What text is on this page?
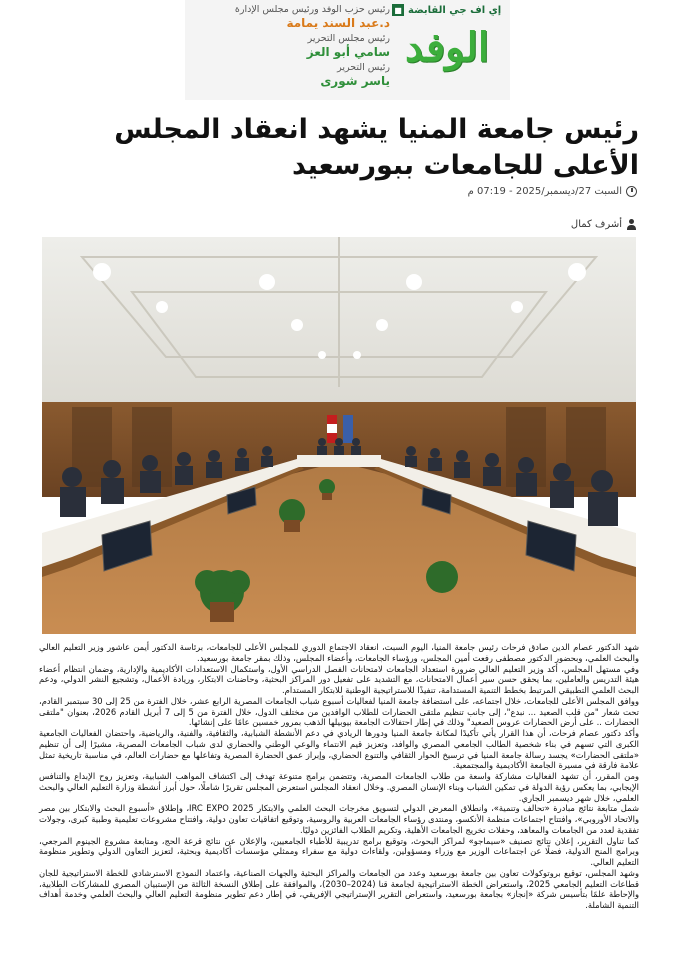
إي اف جي القابضة
■
الوفد
رئيس حزب الوفد ورئيس مجلس الإدارة
د.عبد السند يمامة
رئيس مجلس التحرير
سامي أبو العز
رئيس التحرير
ياسر شورى
رئيس جامعة المنيا يشهد انعقاد المجلس الأعلى للجامعات ببورسعيد
السبت 27/ديسمبر/2025 - 07:19 م
أشرف كمال

شهد الدكتور عصام الدين صادق فرحات رئيس جامعة المنيا، اليوم السبت، انعقاد الاجتماع الدوري للمجلس الأعلى للجامعات، برئاسة الدكتور أيمن عاشور وزير التعليم العالي والبحث العلمي، وبحضور الدكتور مصطفى رفعت أمين المجلس، ورؤساء الجامعات، وأعضاء المجلس، وذلك بمقر جامعة بورسعيد.

وفي مستهل المجلس، أكد وزير التعليم العالي ضرورة استعداد الجامعات لامتحانات الفصل الدراسي الأول، واستكمال الاستعدادات الأكاديمية والإدارية، وضمان انتظام أعضاء هيئة التدريس والعاملين، بما يحقق حسن سير أعمال الامتحانات، مع التشديد على تفعيل دور المراكز البحثية، وحاضنات الابتكار، وريادة الأعمال، وتشجيع النشر الدولي، ودعم البحث العلمي التطبيقي المرتبط بخطط التنمية المستدامة، تنفيذًا للاستراتيجية الوطنية للابتكار المستدام.

ووافق المجلس الأعلى للجامعات، خلال اجتماعه، على استضافة جامعة المنيا لفعاليات أسبوع شباب الجامعات المصرية الرابع عشر، خلال الفترة من 25 إلى 30 سبتمبر القادم، تحت شعار "من قلب الصعيد ... نبدع"، إلى جانب تنظيم ملتقى الحضارات للطلاب الوافدين من مختلف الدول، خلال الفترة من 5 إلى 7 أبريل القادم 2026، بعنوان "ملتقى الحضارات .. على أرض الحضارات عروس الصعيد" وذلك في إطار احتفالات الجامعة بيوبيلها الذهب بمرور خمسين عامًا على إنشائها.

وأكد دكتور عصام فرحات، أن هذا القرار يأتي تأكيدًا لمكانة جامعة المنيا ودورها الريادي في دعم الأنشطة الشبابية، والثقافية، والفنية، والرياضية، واحتضان الفعاليات الجامعية الكبرى التي تسهم في بناء شخصية الطالب الجامعي المصري والوافد، وتعزيز قيم الانتماء والوعي الوطني والحضاري لدى شباب الجامعات المصرية، مشيرًا إلى أن تنظيم «ملتقى الحضارات» يجسد رسالة جامعة المنيا في ترسيخ الحوار الثقافي والتنوع الحضاري، وإبراز عمق الحضارة المصرية وتفاعلها مع حضارات العالم، في مناسبة تاريخية تمثل علامة فارقة في مسيرة الجامعة الأكاديمية والمجتمعية.

ومن المقرر، أن تشهد الفعاليات مشاركة واسعة من طلاب الجامعات المصرية، وتتضمن برامج متنوعة تهدف إلى اكتشاف المواهب الشبابية، وتعزيز روح الإبداع والتنافس الإيجابي، بما يعكس رؤية الدولة في تمكين الشباب وبناء الإنسان المصري. وخلال انعقاد المجلس استعرض المجلس تقريرًا شاملًا، حول أبرز أنشطة وزارة التعليم العالي والبحث العلمي، خلال شهر ديسمبر الجاري.

شمل متابعة نتائج مبادرة «تحالف وتنمية»، وانطلاق المعرض الدولي لتسويق مخرجات البحث العلمي والابتكار IRC EXPO 2025، وإطلاق «أسبوع البحث والابتكار بين مصر والاتحاد الأوروبي»، وافتتاح اجتماعات منظمة الأنكسو، ومنتدى رؤساء الجامعات العربية والروسية، وتوقيع اتفاقيات تعاون دولية، وافتتاح مشروعات تعليمية وطبية كبرى، وجولات تفقدية لعدد من الجامعات والمعاهد، وحفلات تخريج الجامعات الأهلية، وتكريم الطلاب الفائزين دوليًا.

كما تناول التقرير، إعلان نتائج تصنيف «سيماجو» لمراكز البحوث، وتوقيع برامج تدريبية للأطباء الجامعيين، والإعلان عن نتائج قرعة الحج، ومتابعة مشروع الجينوم المرجعي، وبرامج المنح الدولية، فضلًا عن اجتماعات الوزير مع وزراء ومسؤولين، ولقاءات دولية مع سفراء وممثلي مؤسسات أكاديمية وبحثية، لتعزيز التعاون الدولي وتطوير منظومة التعليم العالي.

وشهد المجلس، توقيع بروتوكولات تعاون بين جامعة بورسعيد وعدد من الجامعات والمراكز البحثية والجهات الصناعية، واعتماد النموذج الاسترشادي للخطة الاستراتيجية للجان قطاعات التعليم الجامعي 2025، واستعراض الخطة الاستراتيجية لجامعة قنا (2024–2030)، والموافقة على إطلاق النسخة الثالثة من الإستبيان المصري للمشاركات الطلابية، والإحاطة علمًا بتأسيس شركة «إنجاز» بجامعة بورسعيد، واستعراض التقرير الإستراتيجي الإفريقي، في إطار دعم تطوير منظومة التعليم العالي والبحث العلمي وخدمة أهداف التنمية الشاملة.
